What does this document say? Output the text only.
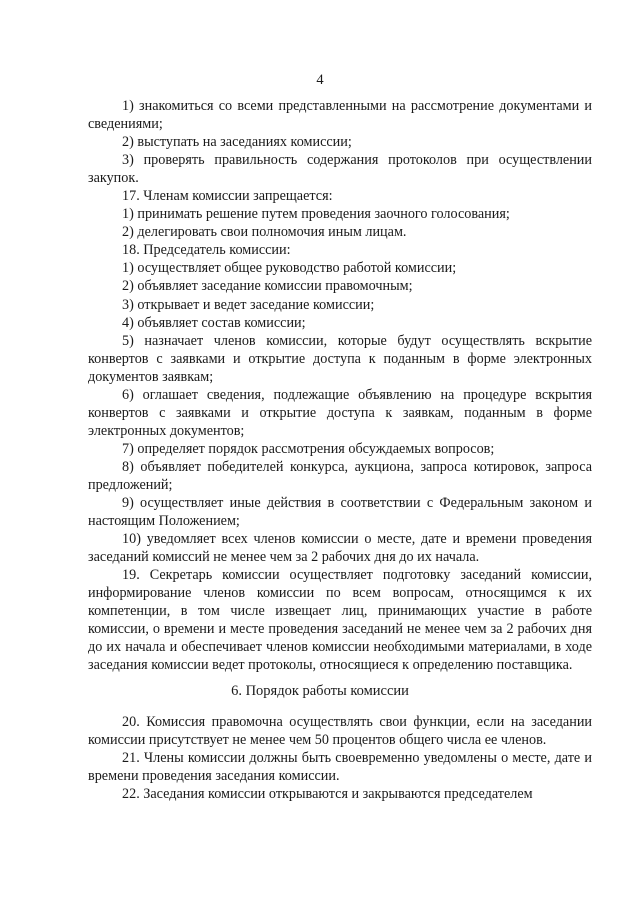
4

1) знакомиться со всеми представленными на рассмотрение документами и сведениями;

2) выступать на заседаниях комиссии;

3) проверять правильность содержания протоколов при осуществлении закупок.

17. Членам комиссии запрещается:

1) принимать решение путем проведения заочного голосования;

2) делегировать свои полномочия иным лицам.

18. Председатель комиссии:

1) осуществляет общее руководство работой комиссии;

2) объявляет заседание комиссии правомочным;

3) открывает и ведет заседание комиссии;

4) объявляет состав комиссии;

5) назначает членов комиссии, которые будут осуществлять вскрытие конвертов с заявками и открытие доступа к поданным в форме электронных документов заявкам;

6) оглашает сведения, подлежащие объявлению на процедуре вскрытия конвертов с заявками и открытие доступа к заявкам, поданным в форме электронных документов;

7) определяет порядок рассмотрения обсуждаемых вопросов;

8) объявляет победителей конкурса, аукциона, запроса котировок, запроса предложений;

9) осуществляет иные действия в соответствии с Федеральным законом и настоящим Положением;

10) уведомляет всех членов комиссии о месте, дате и времени проведения заседаний комиссий не менее чем за 2 рабочих дня до их начала.

19. Секретарь комиссии осуществляет подготовку заседаний комиссии, информирование членов комиссии по всем вопросам, относящимся к их компетенции, в том числе извещает лиц, принимающих участие в работе комиссии, о времени и месте проведения заседаний не менее чем за 2 рабочих дня до их начала и обеспечивает членов комиссии необходимыми материалами, в ходе заседания комиссии ведет протоколы, относящиеся к определению поставщика.

6. Порядок работы комиссии

20. Комиссия правомочна осуществлять свои функции, если на заседании комиссии присутствует не менее чем 50 процентов общего числа ее членов.

21. Члены комиссии должны быть своевременно уведомлены о месте, дате и времени проведения заседания комиссии.

22. Заседания комиссии открываются и закрываются председателем
